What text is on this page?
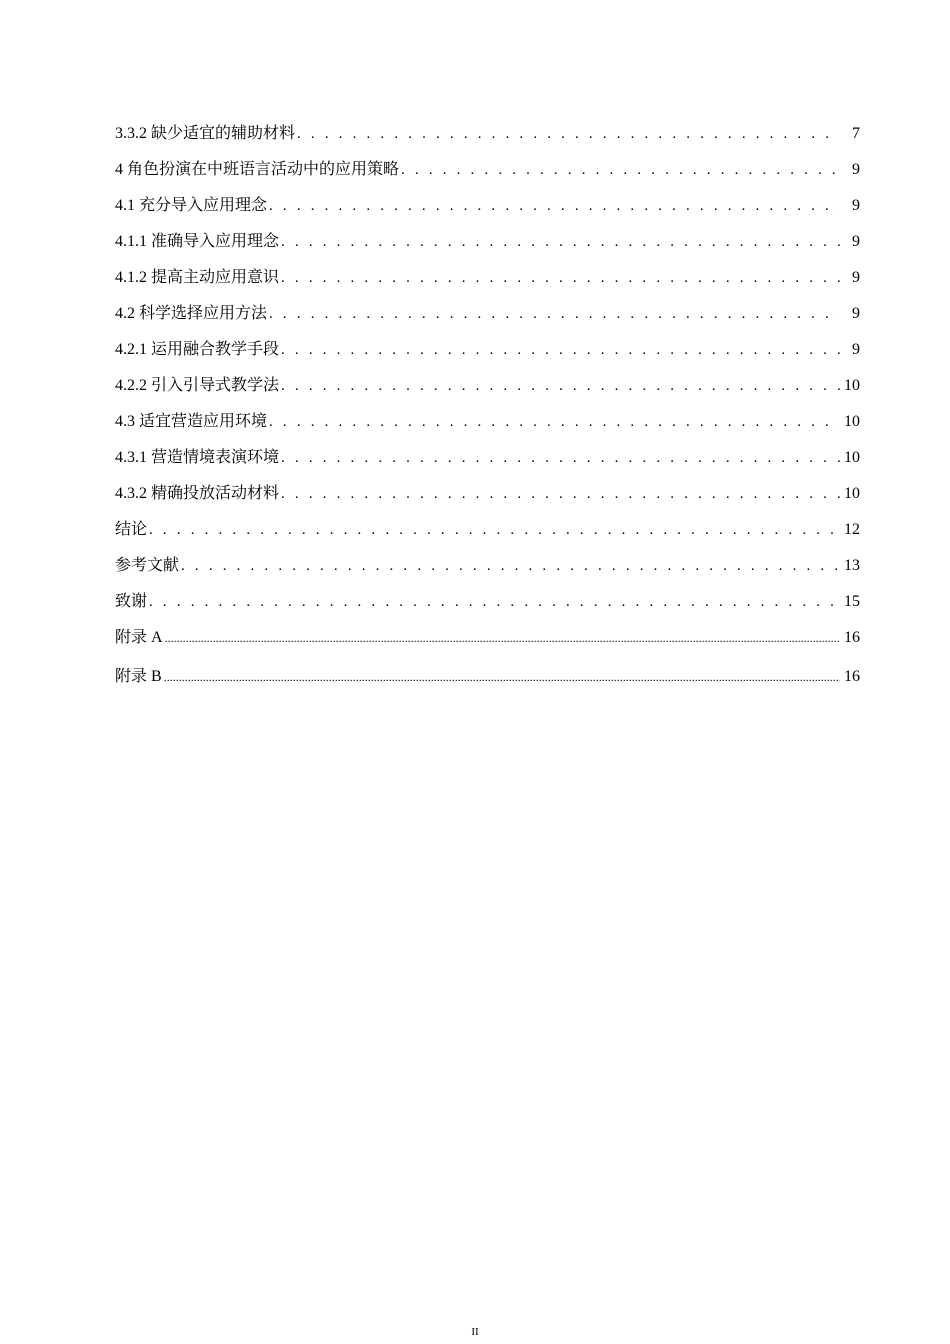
3.3.2 缺少适宜的辅助材料 . . .	7
4 角色扮演在中班语言活动中的应用策略 . . .	9
4.1 充分导入应用理念 . . .	9
4.1.1 准确导入应用理念 . . .	9
4.1.2 提高主动应用意识 . . .	9
4.2 科学选择应用方法 . . .	9
4.2.1 运用融合教学手段 . . .	9
4.2.2 引入引导式教学法 . . .	10
4.3 适宜营造应用环境 . . .	10
4.3.1 营造情境表演环境 . . .	10
4.3.2 精确投放活动材料 . . .	10
结论 . . .	12
参考文献 . . .	13
致谢 . . .	15
附录 A .....	16
附录 B .....	16
II
